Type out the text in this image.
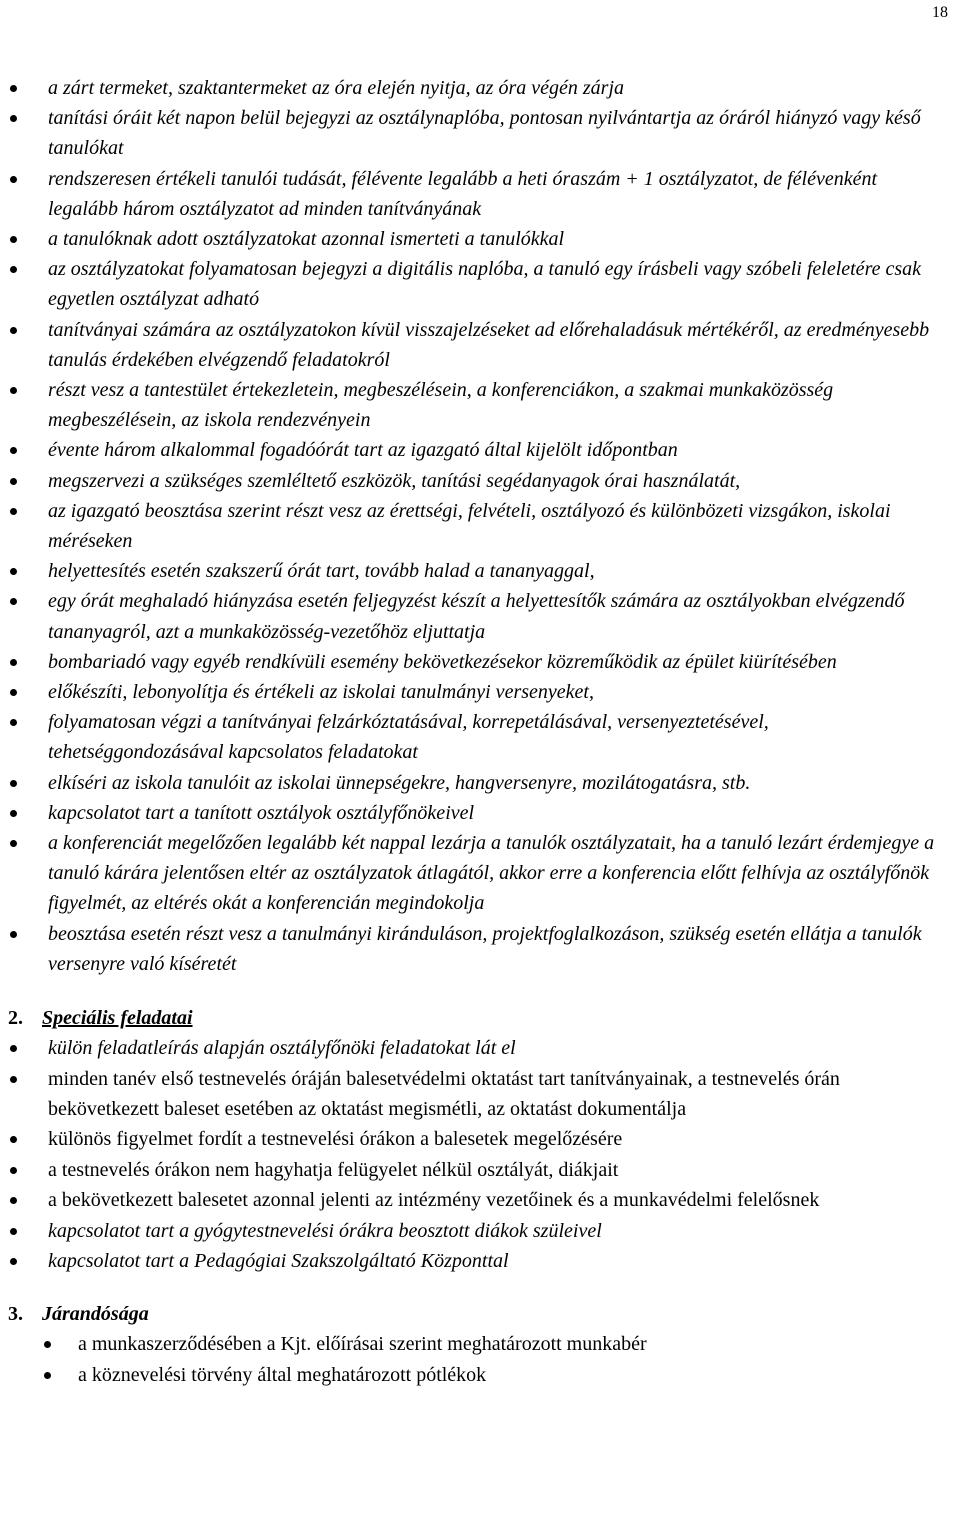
18
a zárt termeket, szaktantermeket az óra elején nyitja, az óra végén zárja
tanítási óráit két napon belül bejegyzi az osztálynaplóba, pontosan nyilvántartja az óráról hiányzó vagy késő tanulókat
rendszeresen értékeli tanulói tudását, félévente legalább a heti óraszám + 1 osztályzatot, de félévenként legalább három osztályzatot ad minden tanítványának
a tanulóknak adott osztályzatokat azonnal ismerteti a tanulókkal
az osztályzatokat folyamatosan bejegyzi a digitális naplóba, a tanuló egy írásbeli vagy szóbeli feleletére csak egyetlen osztályzat adható
tanítványai számára az osztályzatokon kívül visszajelzéseket ad előrehaladásuk mértékéről, az eredményesebb tanulás érdekében elvégzendő feladatokról
részt vesz a tantestület értekezletein, megbeszélésein, a konferenciákon, a szakmai munkaközösség megbeszélésein, az iskola rendezvényein
évente három alkalommal fogadóórát tart az igazgató által kijelölt időpontban
megszervezi a szükséges szemléltető eszközök, tanítási segédanyagok órai használatát,
az igazgató beosztása szerint részt vesz az érettségi, felvételi, osztályozó és különbözeti vizsgákon, iskolai méréseken
helyettesítés esetén szakszerű órát tart, tovább halad a tananyaggal,
egy órát meghaladó hiányzása esetén feljegyzést készít a helyettesítők számára az osztályokban elvégzendő tananyagról, azt a munkaközösség-vezetőhöz eljuttatja
bombariadó vagy egyéb rendkívüli esemény bekövetkezésekor közreműködik az épület kiürítésében
előkészíti, lebonyolítja és értékeli az iskolai tanulmányi versenyeket,
folyamatosan végzi a tanítványai felzárkóztatásával, korrepetálásával, versenyeztetésével, tehetséggondozásával kapcsolatos feladatokat
elkíséri az iskola tanulóit az iskolai ünnepségekre, hangversenyre, mozilátogatásra, stb.
kapcsolatot tart a tanított osztályok osztályfőnökeivel
a konferenciát megelőzően legalább két nappal lezárja a tanulók osztályzatait, ha a tanuló lezárt érdemjegye a tanuló kárára jelentősen eltér az osztályzatok átlagától, akkor erre a konferencia előtt felhívja az osztályfőnök figyelmét, az eltérés okát a konferencián megindokolja
beosztása esetén részt vesz a tanulmányi kiránduláson, projektfoglalkozáson, szükség esetén ellátja a tanulók versenyre való kíséretét
2. Speciális feladatai
külön feladatleírás alapján osztályfőnöki feladatokat lát el
minden tanév első testnevelés óráján balesetvédelmi oktatást tart tanítványainak, a testnevelés órán bekövetkezett baleset esetében az oktatást megismétli, az oktatást dokumentálja
különös figyelmet fordít a testnevelési órákon a balesetek megelőzésére
a testnevelés órákon nem hagyhatja felügyelet nélkül osztályát, diákjait
a bekövetkezett balesetet azonnal jelenti az intézmény vezetőinek és a munkavédelmi felelősnek
kapcsolatot tart a gyógytestnevelési órákra beosztott diákok szüleivel
kapcsolatot tart a Pedagógiai Szakszolgáltató Központtal
3. Járandósága
a munkaszerződésében a Kjt. előírásai szerint meghatározott munkabér
a köznevelési törvény által meghatározott pótlékok
